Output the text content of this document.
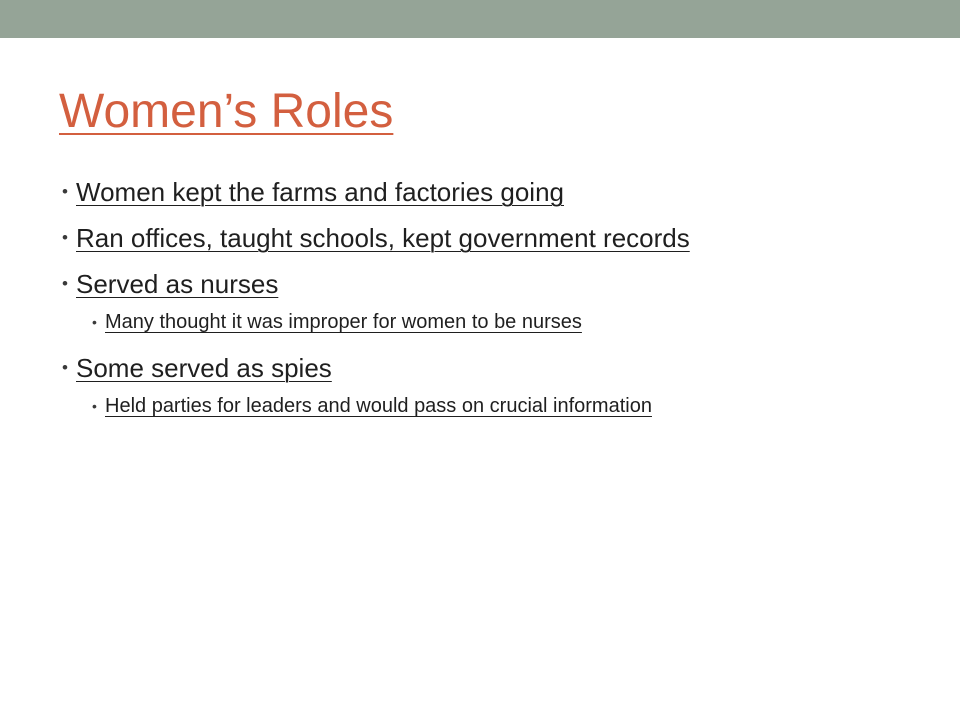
Women’s Roles
• Women kept the farms and factories going
• Ran offices, taught schools, kept government records
• Served as nurses
• Many thought it was improper for women to be nurses
• Some served as spies
• Held parties for leaders and would pass on crucial information
